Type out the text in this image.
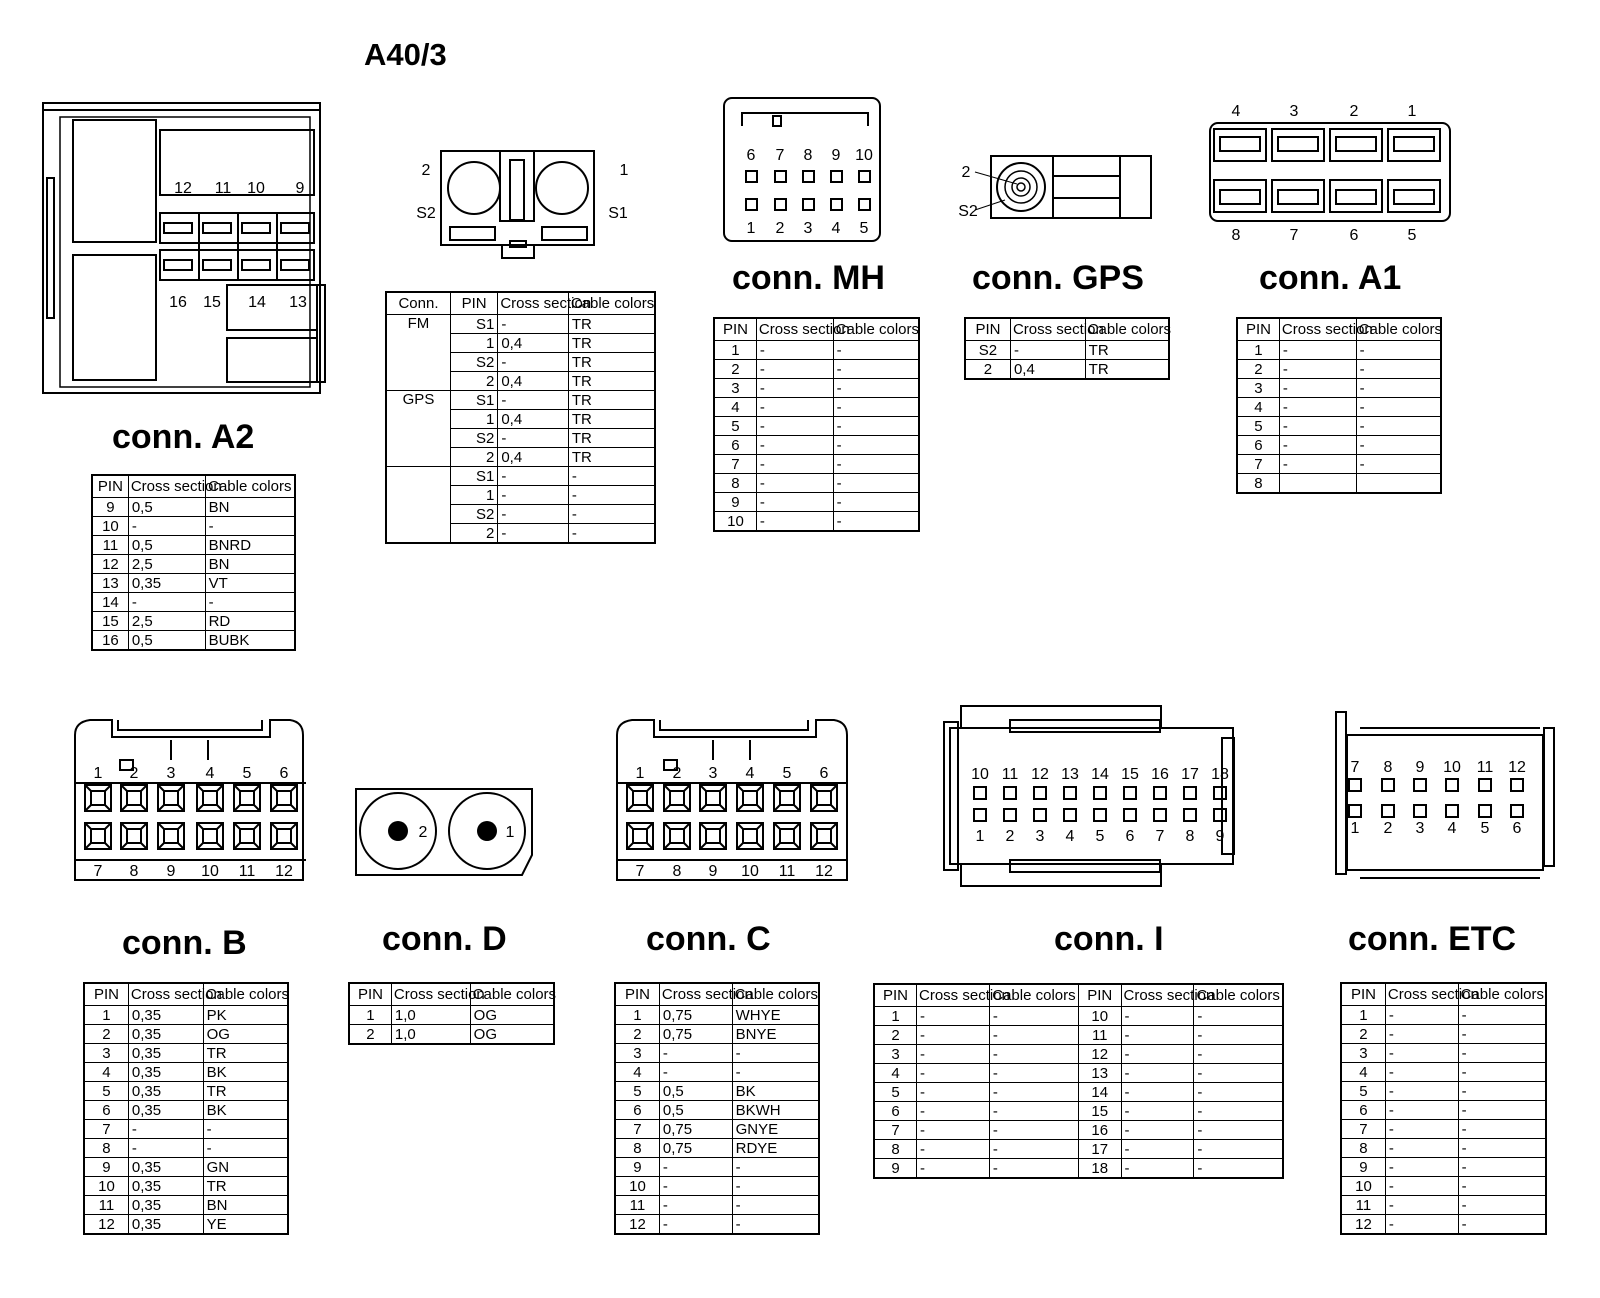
12 11 10 9
16 15 14 13
2	1
S2	S1
6 7 8 9 10
1 2 3 4 5
2
S2
4	3	2	1
8	7	6	5
1 2 3 4 5 6
7 8 9 10 11 12
1 2 3 4 5 6
7 8 9 10 11 12
2	1
10 11 12 13 14 15 16 17 18
1 2 3 4 5 6 7 8 9
7 8 9 10 11 12
1 2 3 4 5 6
A40/3
conn. A2
conn. MH	conn. GPS	conn. A1
conn. B	conn. D	conn. C	conn. I	conn. ETC
PIN	Cross section	Cable colors
9	0,5	BN
10	-	-
11	0,5	BNRD
12	2,5	BN
13	0,35	VT
14	-	-
15	2,5	RD
16	0,5	BUBK
Conn.	PIN	Cross section	Cable colors
FM	S1	-	TR
	1	0,4	TR
	S2	-	TR
	2	0,4	TR
GPS	S1	-	TR
	1	0,4	TR
	S2	-	TR
	2	0,4	TR
	S1	-	-
	1	-	-
	S2	-	-
	2	-	-
PIN	Cross section	Cable colors
1	-	-
2	-	-
3	-	-
4	-	-
5	-	-
6	-	-
7	-	-
8	-	-
9	-	-
10	-	-
PIN	Cross section	Cable colors
S2	-	TR
2	0,4	TR
PIN	Cross section	Cable colors
1	-	-
2	-	-
3	-	-
4	-	-
5	-	-
6	-	-
7	-	-
8		
PIN	Cross section	Cable colors
1	0,35	PK
2	0,35	OG
3	0,35	TR
4	0,35	BK
5	0,35	TR
6	0,35	BK
7	-	-
8	-	-
9	0,35	GN
10	0,35	TR
11	0,35	BN
12	0,35	YE
PIN	Cross section	Cable colors
1	1,0	OG
2	1,0	OG
PIN	Cross section	Cable colors
1	0,75	WHYE
2	0,75	BNYE
3	-	-
4	-	-
5	0,5	BK
6	0,5	BKWH
7	0,75	GNYE
8	0,75	RDYE
9	-	-
10	-	-
11	-	-
12	-	-
PIN	Cross section	Cable colors	PIN	Cross section	Cable colors
1	-	-	10	-	-
2	-	-	11	-	-
3	-	-	12	-	-
4	-	-	13	-	-
5	-	-	14	-	-
6	-	-	15	-	-
7	-	-	16	-	-
8	-	-	17	-	-
9	-	-	18	-	-
PIN	Cross section	Cable colors
1	-	-
2	-	-
3	-	-
4	-	-
5	-	-
6	-	-
7	-	-
8	-	-
9	-	-
10	-	-
11	-	-
12	-	-
